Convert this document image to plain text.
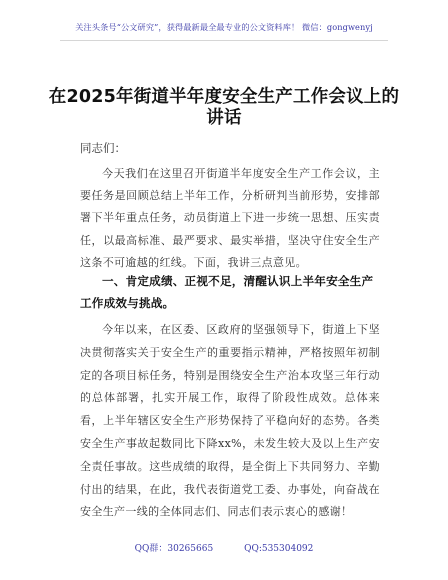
关注头条号“公文研究”，获得最新最全最专业的公文资料库！ 微信：gongwenyj
在2025年街道半年度安全生产工作会议上的讲话
同志们：
今天我们在这里召开街道半年度安全生产工作会议，主要任务是回顾总结上半年工作，分析研判当前形势，安排部署下半年重点任务，动员街道上下进一步统一思想、压实责任，以最高标准、最严要求、最实举措，坚决守住安全生产这条不可逾越的红线。下面，我讲三点意见。
一、肯定成绩、正视不足，清醒认识上半年安全生产工作成效与挑战。
今年以来，在区委、区政府的坚强领导下，街道上下坚决贯彻落实关于安全生产的重要指示精神，严格按照年初制定的各项目标任务，特别是围绕安全生产治本攻坚三年行动的总体部署，扎实开展工作，取得了阶段性成效。总体来看，上半年辖区安全生产形势保持了平稳向好的态势。各类安全生产事故起数同比下降xx%，未发生较大及以上生产安全责任事故。这些成绩的取得，是全街上下共同努力、辛勤付出的结果，在此，我代表街道党工委、办事处，向奋战在安全生产一线的全体同志们、同志们表示衷心的感谢！
QQ群：30265665	QQ:535304092
